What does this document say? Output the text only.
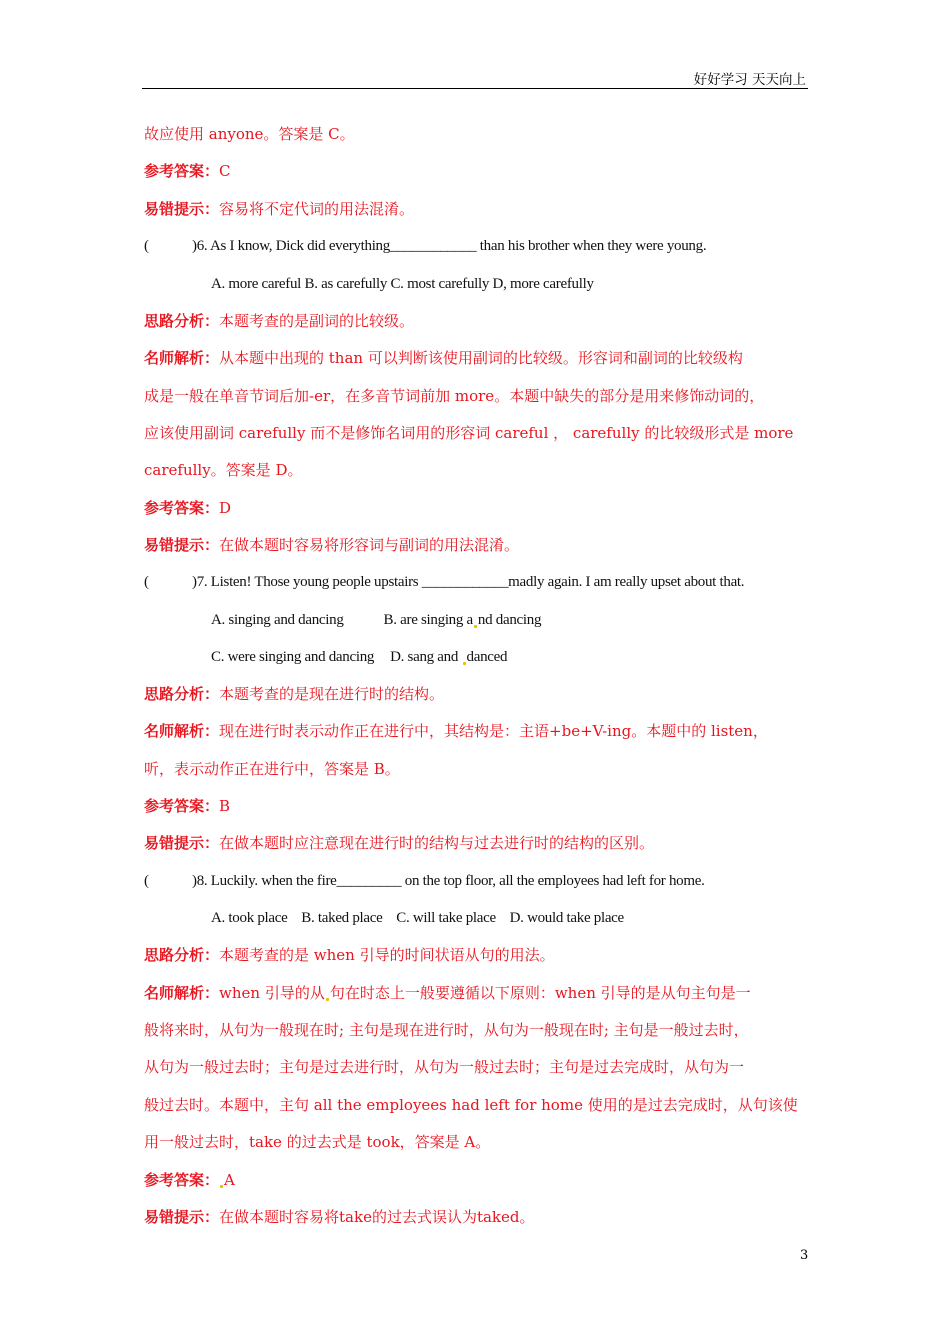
好好学习 天天向上
故应使用 anyone。答案是 C。
参考答案：C
易错提示：容易将不定代词的用法混淆。
(	)6. As I know, Dick did everything____________ than his brother when they were young.
A. more careful B. as carefully C. most carefully D, more carefully
思路分析：本题考查的是副词的比较级。
名师解析：从本题中出现的 than 可以判断该使用副词的比较级。形容词和副词的比较级构
成是一般在单音节词后加-er，在多音节词前加 more。本题中缺失的部分是用来修饰动词的，
应该使用副词 carefully 而不是修饰名词用的形容词 careful ， carefully 的比较级形式是 more
carefully。答案是 D。
参考答案：D
易错提示：在做本题时容易将形容词与副词的用法混淆。
(	)7. Listen! Those young people upstairs ____________madly again. I am really upset about that.
A. singing and dancing	B. are singing a nd dancing
C. were singing and dancing D. sang and danced
思路分析：本题考查的是现在进行时的结构。
名师解析：现在进行时表示动作正在进行中，其结构是：主语+be+V-ing。本题中的 listen，
听，表示动作正在进行中，答案是 B。
参考答案：B
易错提示：在做本题时应注意现在进行时的结构与过去进行时的结构的区别。
(	)8. Luckily. when the fire_________ on the top floor, all the employees had left for home.
A. took place    B. taked place    C. will take place    D. would take place
思路分析：本题考查的是 when 引导的时间状语从句的用法。
名师解析：when 引导的从 句在时态上一般要遵循以下原则：when 引导的是从句主句是一
般将来时，从句为一般现在时; 主句是现在进行时，从句为一般现在时; 主句是一般过去时，
从句为一般过去时；主句是过去进行时，从句为一般过去时；主句是过去完成时，从句为一
般过去时。本题中，主句 all the employees had left for home 使用的是过去完成时，从句该使
用一般过去时，take 的过去式是 took，答案是 A。
参考答案： A
易错提示：在做本题时容易将take的过去式误认为taked。
3
